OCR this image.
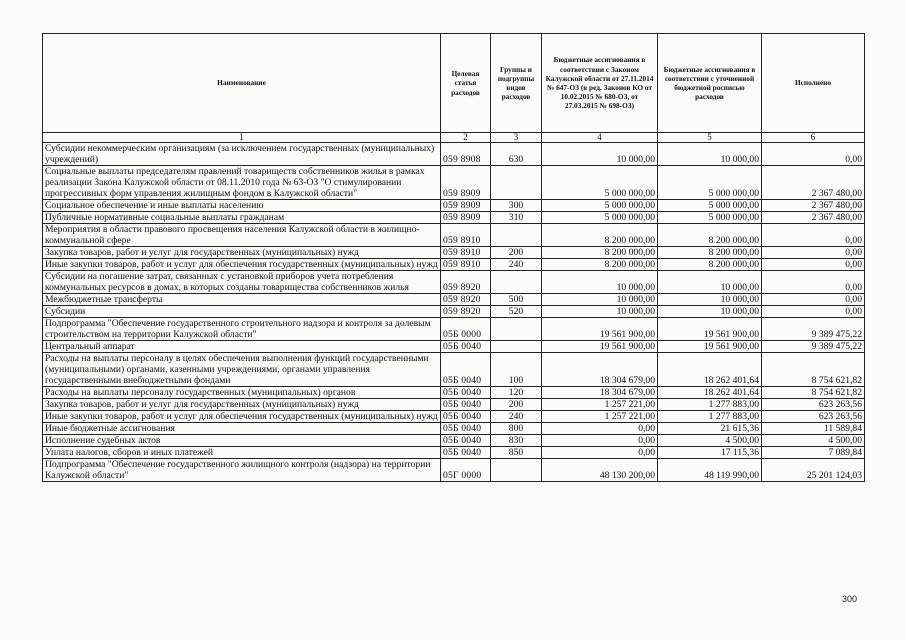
Наименование	Целевая статья расходов	Группы и подгруппы видов расходов	Бюджетные ассигнования в соответствии с Законом Калужской области от 27.11.2014 № 647-ОЗ (в ред. Законов КО от 10.02.2015 № 680-ОЗ, от 27.03.2015 № 698-ОЗ)	Бюджетные ассигнования в соответствии с уточненной бюджетной росписью расходов	Исполнено
1	2	3	4	5	6
Субсидии некоммерческим организациям (за исключением государственных (муниципальных) учреждений)	059 8908	630	10 000,00	10 000,00	0,00
Социальные выплаты председателям правлений товариществ собственников жилья в рамках реализации Закона Калужской области от 08.11.2010 года № 63-ОЗ "О стимулировании прогрессивных форм управления жилищным фондом в Калужской области"	059 8909		5 000 000,00	5 000 000,00	2 367 480,00
Социальное обеспечение и иные выплаты населению	059 8909	300	5 000 000,00	5 000 000,00	2 367 480,00
Публичные нормативные социальные выплаты гражданам	059 8909	310	5 000 000,00	5 000 000,00	2 367 480,00
Мероприятия в области правового просвещения населения Калужской области в жилищно-коммунальной сфере	059 8910		8 200 000,00	8 200 000,00	0,00
Закупка товаров, работ и услуг для государственных (муниципальных) нужд	059 8910	200	8 200 000,00	8 200 000,00	0,00
Иные закупки товаров, работ и услуг для обеспечения государственных (муниципальных) нужд	059 8910	240	8 200 000,00	8 200 000,00	0,00
Субсидии на погашение затрат, связанных с установкой приборов учета потребления коммунальных ресурсов в домах, в которых созданы товарищества собственников жилья	059 8920		10 000,00	10 000,00	0,00
Межбюджетные трансферты	059 8920	500	10 000,00	10 000,00	0,00
Субсидии	059 8920	520	10 000,00	10 000,00	0,00
Подпрограмма "Обеспечение государственного строительного надзора и контроля за долевым строительством на территории Калужской области"	05Б 0000		19 561 900,00	19 561 900,00	9 389 475,22
Центральный аппарат	05Б 0040		19 561 900,00	19 561 900,00	9 389 475,22
Расходы на выплаты персоналу в целях обеспечения выполнения функций государственными (муниципальными) органами, казенными учреждениями, органами управления государственными внебюджетными фондами	05Б 0040	100	18 304 679,00	18 262 401,64	8 754 621,82
Расходы на выплаты персоналу государственных (муниципальных) органов	05Б 0040	120	18 304 679,00	18 262 401,64	8 754 621,82
Закупка товаров, работ и услуг для государственных (муниципальных) нужд	05Б 0040	200	1 257 221,00	1 277 883,00	623 263,56
Иные закупки товаров, работ и услуг для обеспечения государственных (муниципальных) нужд	05Б 0040	240	1 257 221,00	1 277 883,00	623 263,56
Иные бюджетные ассигнования	05Б 0040	800	0,00	21 615,36	11 589,84
Исполнение судебных актов	05Б 0040	830	0,00	4 500,00	4 500,00
Уплата налогов, сборов и иных платежей	05Б 0040	850	0,00	17 115,36	7 089,84
Подпрограмма "Обеспечение государственного жилищного контроля (надзора) на территории Калужской области"	05Г 0000		48 130 200,00	48 119 990,00	25 201 124,03
300
